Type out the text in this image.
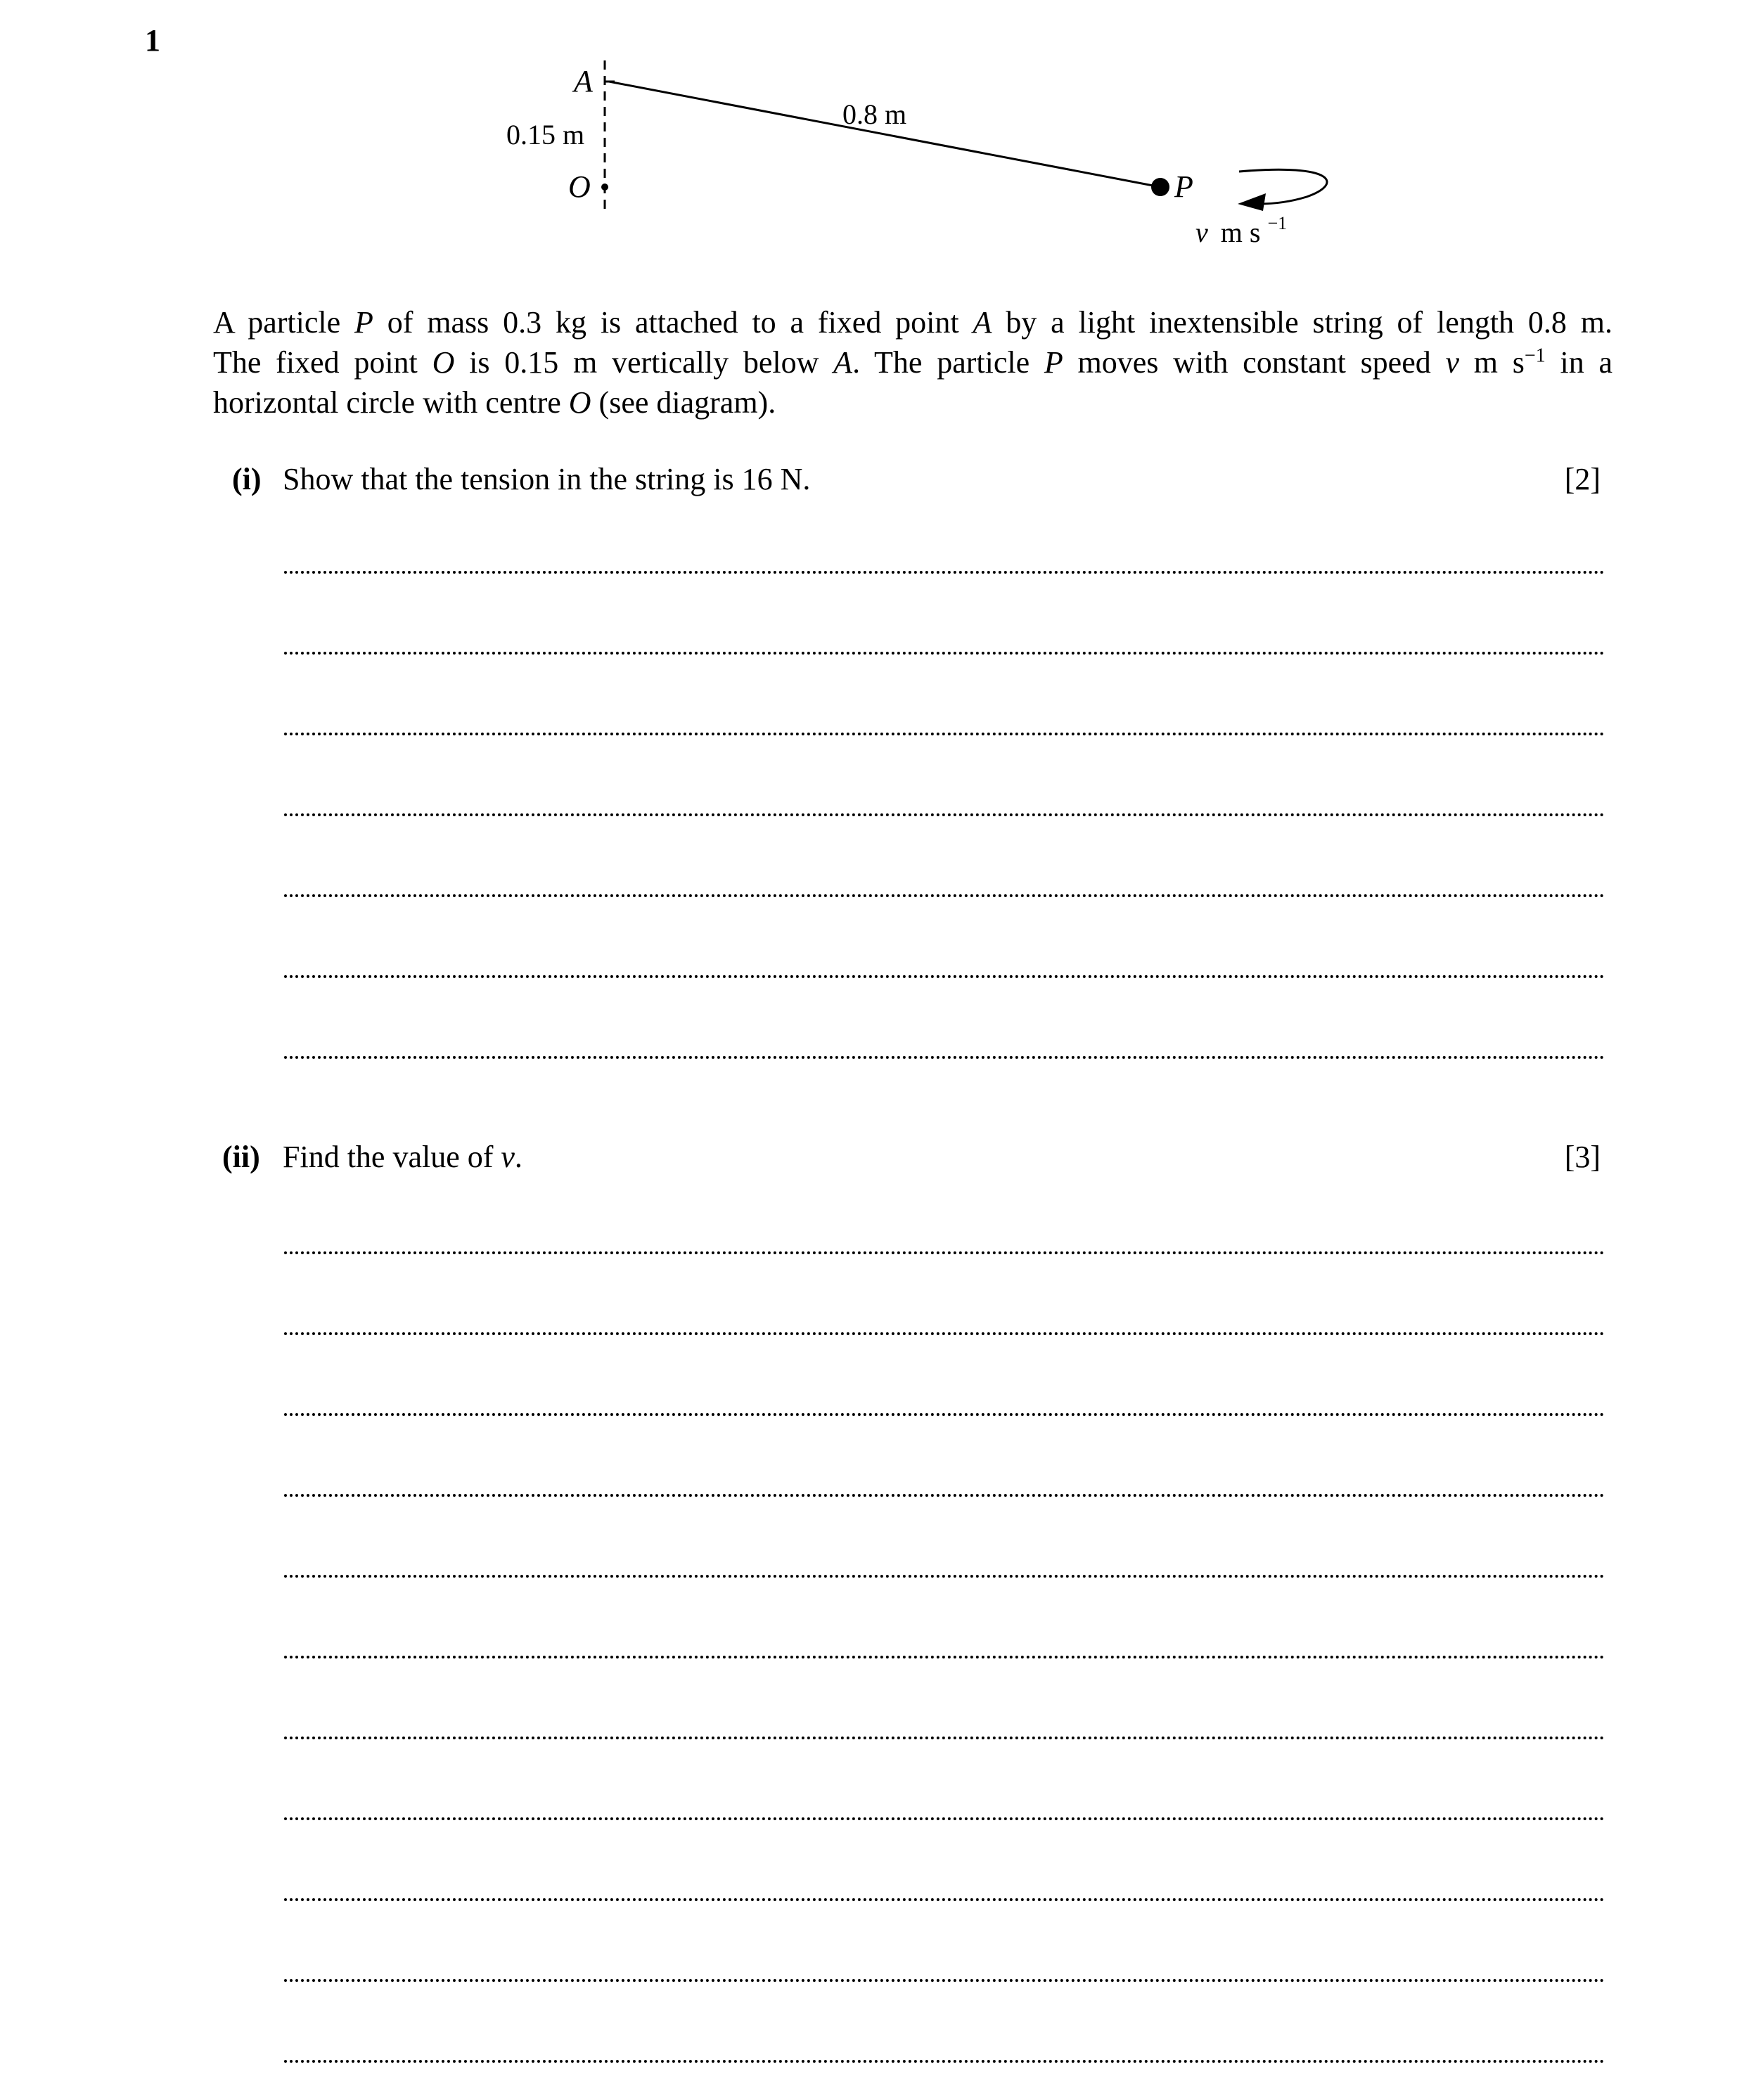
1
A
O	P
0.15 m
0.8 m
v m s $^{-1}$
A particle P of mass 0.3 kg is attached to a fixed point A by a light inextensible string of length 0.8 m.
The fixed point O is 0.15 m vertically below A. The particle P moves with constant speed v m $s^{-1}$ in a
horizontal circle with centre O (see diagram).
(i) Show that the tension in the string is 16 N.	[2]
(ii) Find the value of v.	[3]
